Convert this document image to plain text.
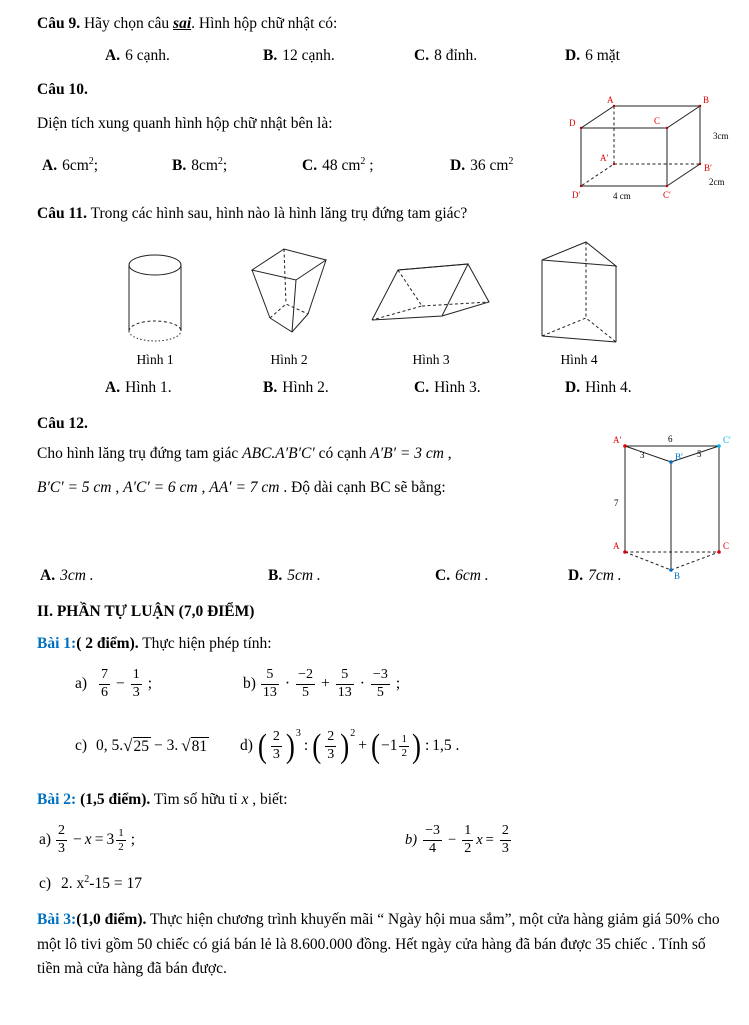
Câu 9. Hãy chọn câu sai. Hình hộp chữ nhật có:

A. 6 cạnh.	B. 12 cạnh.	C. 8 đỉnh.	D. 6 mặt

Câu 10.

Diện tích xung quanh hình hộp chữ nhật bên là:

A. $6cm^2$;	B. $8cm^2$;	C. 48 $cm^2$ ;	D. 36 $cm^2$
A	B
D	C
A′
B′
D′	C′
3cm
2cm
4 cm

Câu 11. Trong các hình sau, hình nào là hình lăng trụ đứng tam giác?

Hình 1	Hình 2	Hình 3	Hình 4
A. Hình 1.	B. Hình 2.	C. Hình 3.	D. Hình 4.

Câu 12.

Cho hình lăng trụ đứng tam giác ABC.A′B′C′ có cạnh A′B′ = 3 cm ,

B′C′ = 5 cm , A′C′ = 6 cm , AA′ = 7 cm . Độ dài cạnh BC sẽ bằng:

A. 3cm .	B. 5cm .	C. 6cm .	D. 7cm .
A′	6	C′
3	B′ 5
7
A	C
B

II. PHẦN TỰ LUẬN (7,0 ĐIỂM)

Bài 1:( 2 điểm). Thực hiện phép tính:

$a) \frac{7}{6} - \frac{1}{3}$ ;	$b) \frac{5}{13} \cdot \frac{-2}{5} + \frac{5}{13} \cdot \frac{-3}{5}$ ;
c) 0, 5. √ 25 − 3. √ 81 d) ( $\frac{2}{3}$ ) 3
: ( $\frac{2}{3}$ ) 2
+ ( $-1 \frac{1}{2}$ ) : 1,5 .

Bài 2: (1,5 điểm). Tìm số hữu tỉ x , biết:

$a) \frac{2}{3} - x = 3 \frac{1}{2}$ ;	$b) \frac{-3}{4} - \frac{1}{2}$ $x = \frac{2}{3}$

c) 2. $x^2-15 = 17$

Bài 3:(1,0 điểm). Thực hiện chương trình khuyến mãi “ Ngày hội mua sắm”, một cửa hàng giảm giá 50% cho một lô tivi gồm 50 chiếc có giá bán lẻ là 8.600.000 đồng. Hết ngày cửa hàng đã bán được 35 chiếc . Tính số tiền mà cửa hàng đã bán được.
